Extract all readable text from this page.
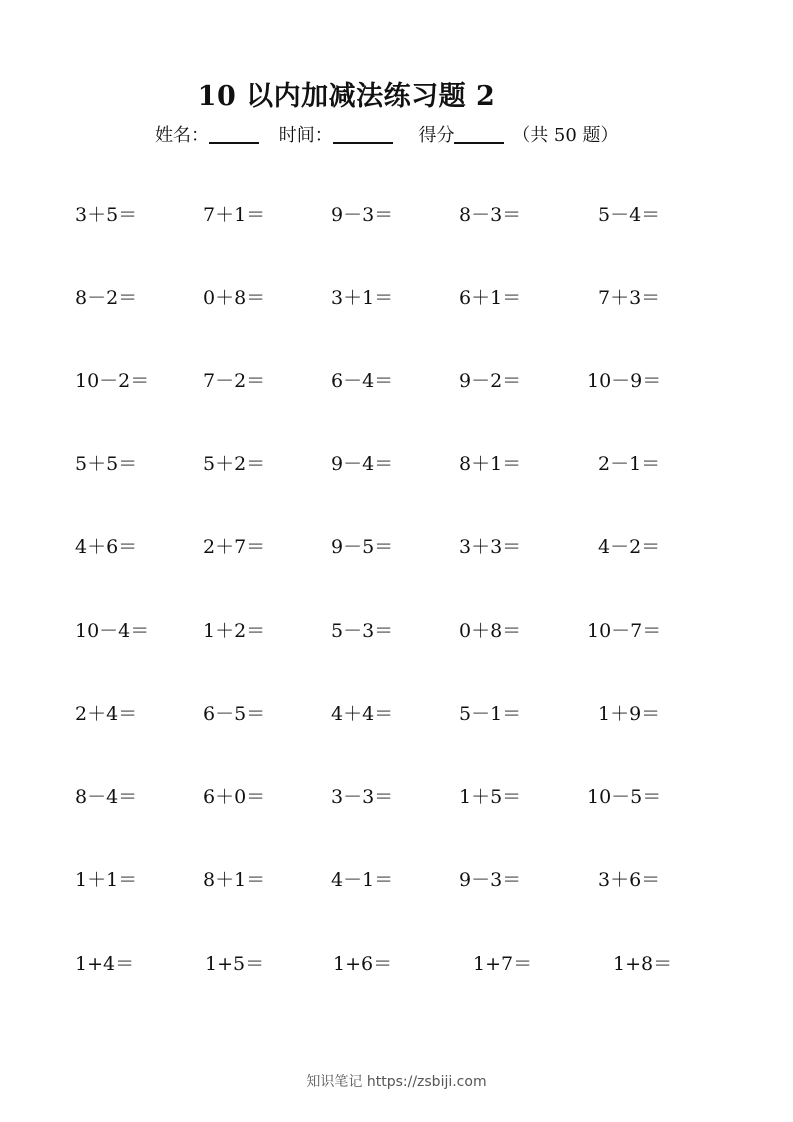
10 以内加减法练习题 2
姓名：	时间：	得分	（共 50 题）
3＋5＝	7＋1＝	9－3＝	8－3＝	5－4＝
8－2＝	0＋8＝	3＋1＝	6＋1＝	7＋3＝
10－2＝	7－2＝	6－4＝	9－2＝	10－9＝
5＋5＝	5＋2＝	9－4＝	8＋1＝	2－1＝
4＋6＝	2＋7＝	9－5＝	3＋3＝	4－2＝
10－4＝	1＋2＝	5－3＝	0＋8＝	10－7＝
2＋4＝	6－5＝	4＋4＝	5－1＝	1＋9＝
8－4＝	6＋0＝	3－3＝	1＋5＝	10－5＝
1＋1＝	8＋1＝	4－1＝	9－3＝	3＋6＝
1+4＝	1+5＝	1+6＝	1+7＝	1+8＝
知识笔记 https://zsbiji.com
